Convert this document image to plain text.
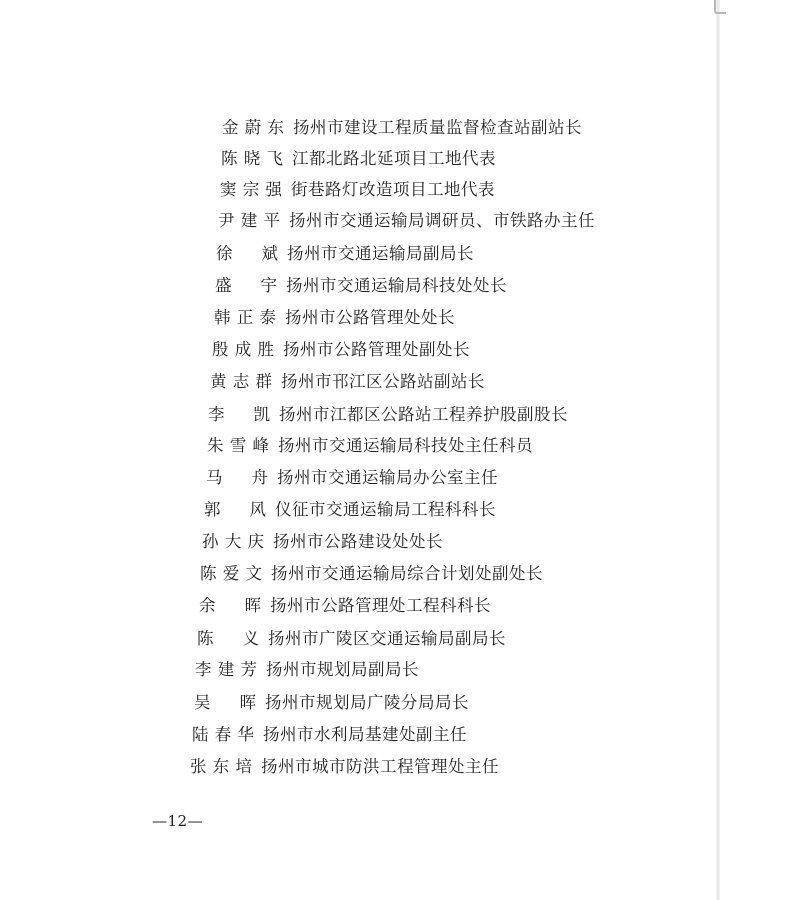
金蔚东 扬州市建设工程质量监督检查站副站长
陈晓飞 江都北路北延项目工地代表
窦宗强 街巷路灯改造项目工地代表
尹建平 扬州市交通运输局调研员、市铁路办主任
徐 斌 扬州市交通运输局副局长
盛 宇 扬州市交通运输局科技处处长
韩正泰 扬州市公路管理处处长
殷成胜 扬州市公路管理处副处长
黄志群 扬州市邗江区公路站副站长
李 凯 扬州市江都区公路站工程养护股副股长
朱雪峰 扬州市交通运输局科技处主任科员
马 舟 扬州市交通运输局办公室主任
郭 风 仪征市交通运输局工程科科长
孙大庆 扬州市公路建设处处长
陈爱文 扬州市交通运输局综合计划处副处长
余 晖 扬州市公路管理处工程科科长
陈 义 扬州市广陵区交通运输局副局长
李建芳 扬州市规划局副局长
吴 晖 扬州市规划局广陵分局局长
陆春华 扬州市水利局基建处副主任
张东培 扬州市城市防洪工程管理处主任
—12—
